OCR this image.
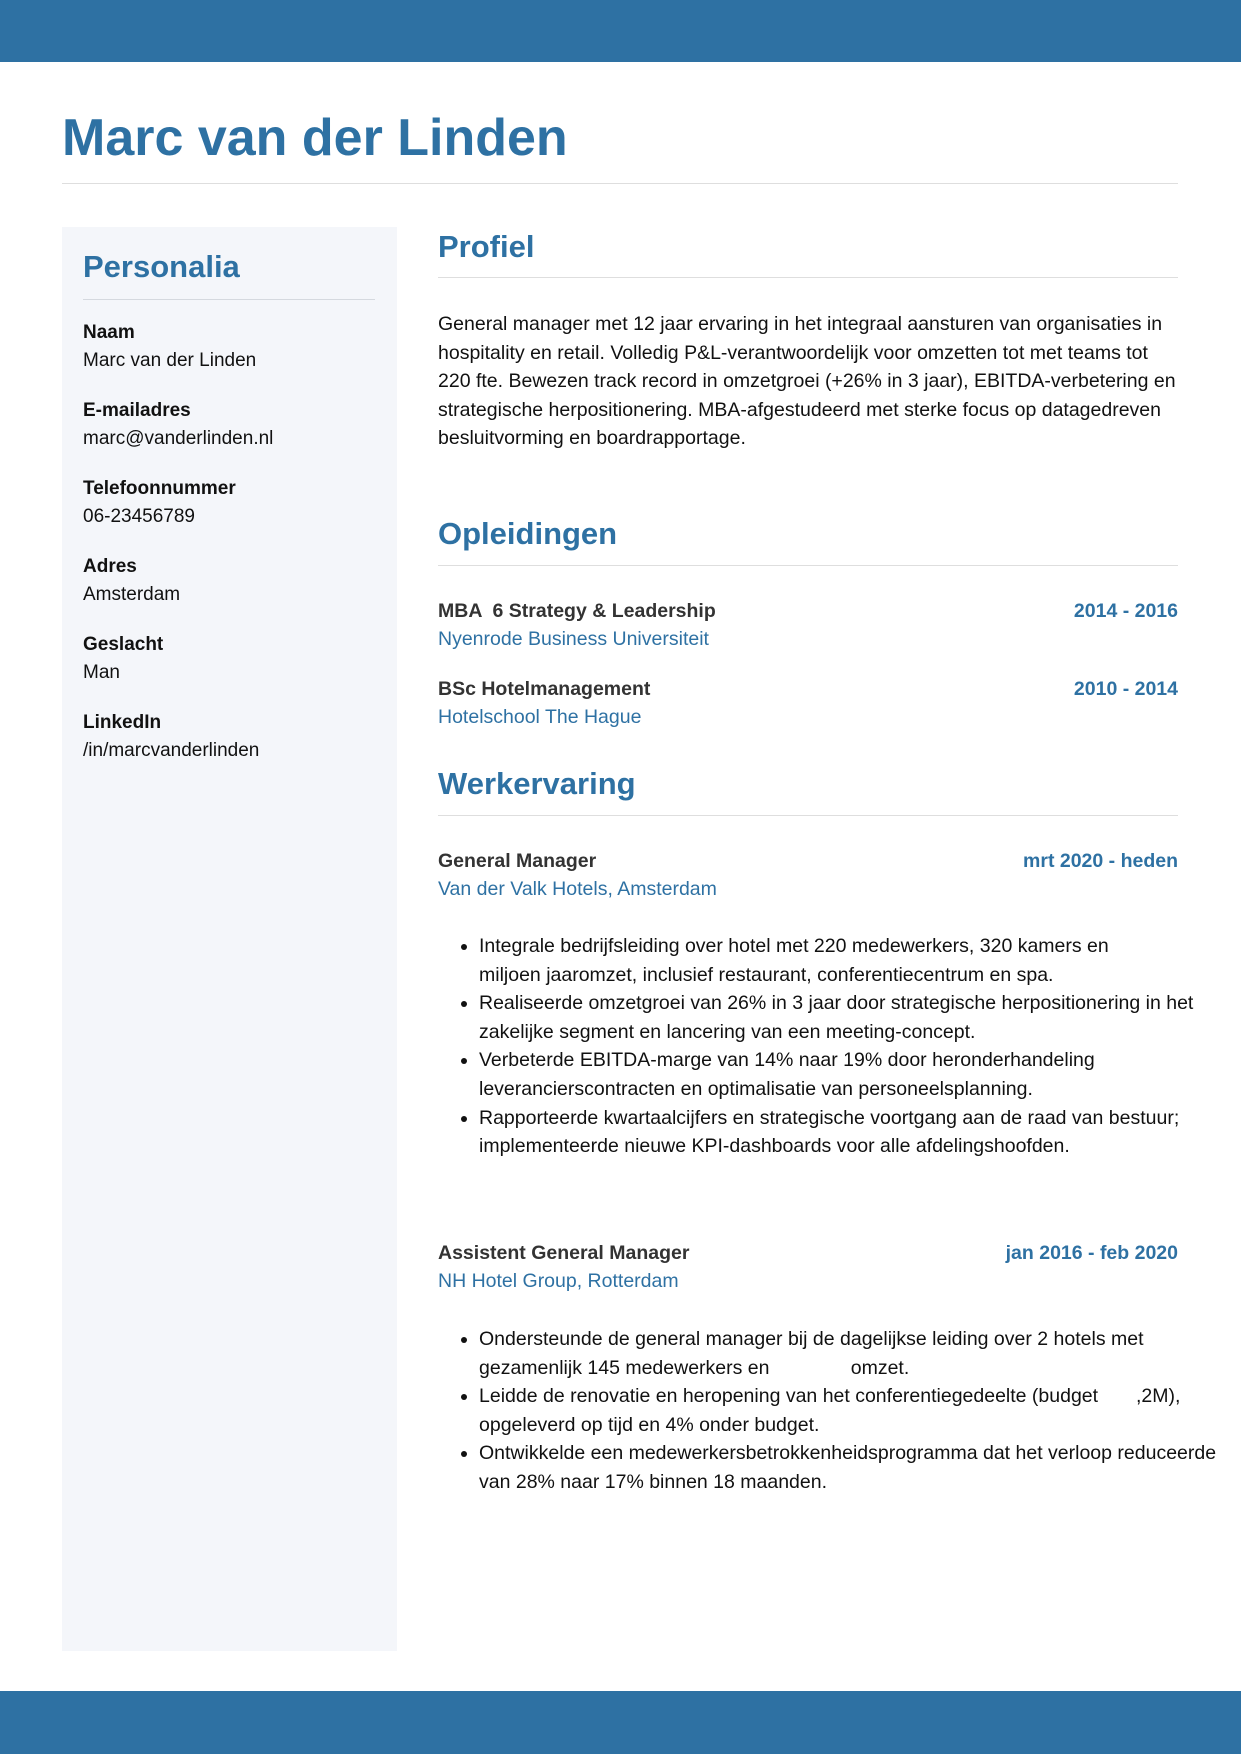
Marc van der Linden
Personalia
Naam
Marc van der Linden
E-mailadres
marc@vanderlinden.nl
Telefoonnummer
06-23456789
Adres
Amsterdam
Geslacht
Man
LinkedIn
/in/marcvanderlinden
Profiel

General manager met 12 jaar ervaring in het integraal aansturen van organisaties in hospitality en retail. Volledig P&L-verantwoordelijk voor omzetten tot met teams tot 220 fte. Bewezen track record in omzetgroei (+26% in 3 jaar), EBITDA-verbetering en strategische herpositionering. MBA-afgestudeerd met sterke focus op datagedreven besluitvorming en boardrapportage.

Opleidingen
MBA  6 Strategy & Leadership	2014 - 2016
Nyenrode Business Universiteit
BSc Hotelmanagement	2010 - 2014
Hotelschool The Hague
Werkervaring
General Manager	mrt 2020 - heden
Van der Valk Hotels, Amsterdam
• Integrale bedrijfsleiding over hotel met 220 medewerkers, 320 kamers en            miljoen jaaromzet, inclusief restaurant, conferentiecentrum en spa.
• Realiseerde omzetgroei van 26% in 3 jaar door strategische herpositionering in het zakelijke segment en lancering van een meeting-concept.
• Verbeterde EBITDA-marge van 14% naar 19% door heronderhandeling leverancierscontracten en optimalisatie van personeelsplanning.
• Rapporteerde kwartaalcijfers en strategische voortgang aan de raad van bestuur; implementeerde nieuwe KPI-dashboards voor alle afdelingshoofden.
Assistent General Manager	jan 2016 - feb 2020
NH Hotel Group, Rotterdam
• Ondersteunde de general manager bij de dagelijkse leiding over 2 hotels met gezamenlijk 145 medewerkers en               omzet.
• Leidde de renovatie en heropening van het conferentiegedeelte (budget       ,2M), opgeleverd op tijd en 4% onder budget.
• Ontwikkelde een medewerkersbetrokkenheidsprogramma dat het verloop reduceerde van 28% naar 17% binnen 18 maanden.
